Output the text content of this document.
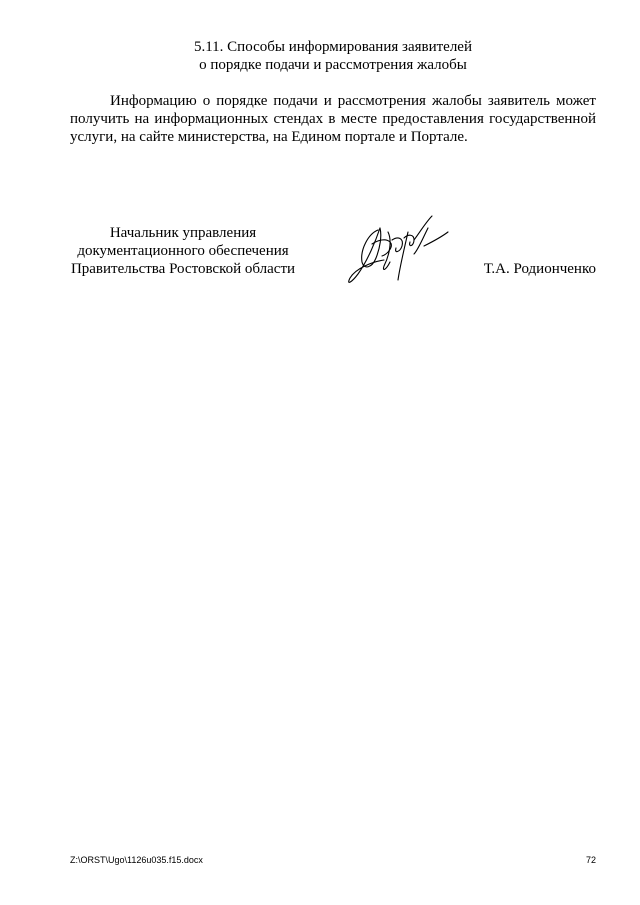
5.11. Способы информирования заявителей
о порядке подачи и рассмотрения жалобы

Информацию о порядке подачи и рассмотрения жалобы заявитель может получить на информационных стендах в месте предоставления государственной услуги, на сайте министерства, на Едином портале и Портале.

Начальник управления
документационного обеспечения
Правительства Ростовской области	Т.А. Родионченко
Z:\ORST\Ugo\1126u035.f15.docx	72
